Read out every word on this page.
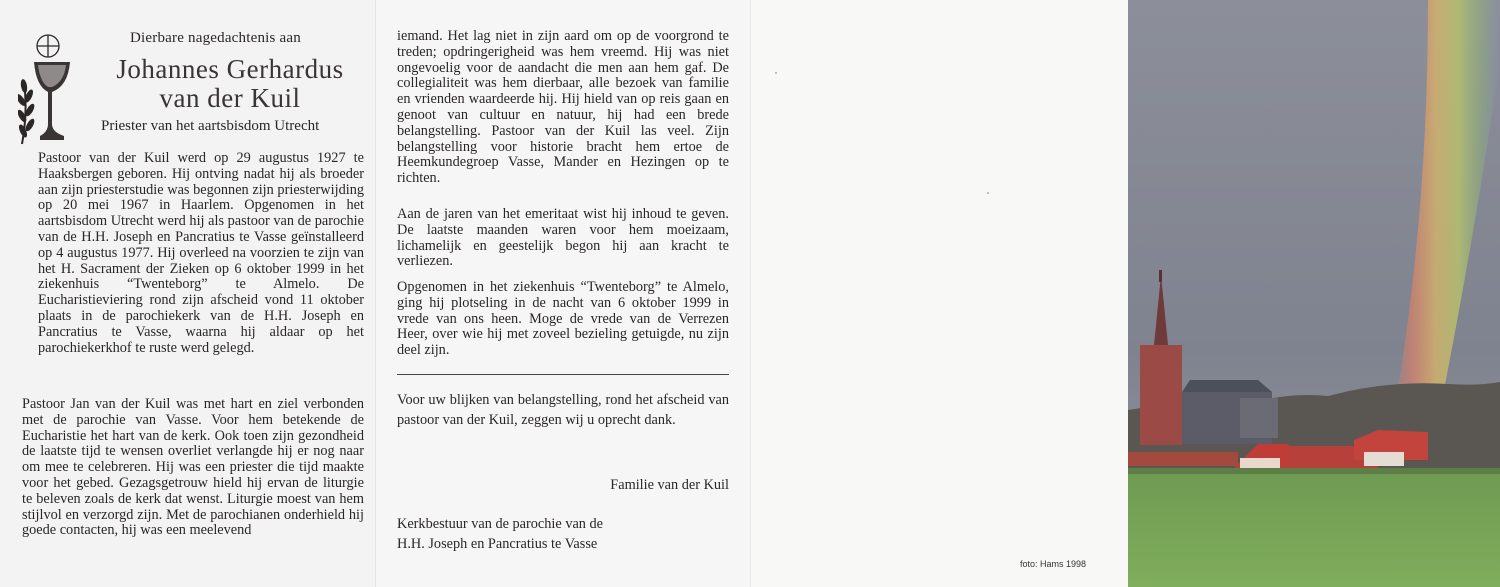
Dierbare nagedachtenis aan
Johannes Gerhardus
van der Kuil
Priester van het aartsbisdom Utrecht

Pastoor van der Kuil werd op 29 augustus 1927 te Haaksbergen geboren. Hij ontving nadat hij als broeder aan zijn priesterstudie was begonnen zijn priesterwijding op 20 mei 1967 in Haarlem. Opgenomen in het aartsbisdom Utrecht werd hij als pastoor van de parochie van de H.H. Joseph en Pancratius te Vasse geïnstalleerd op 4 augustus 1977. Hij overleed na voorzien te zijn van het H. Sacrament der Zieken op 6 oktober 1999 in het ziekenhuis “Twenteborg” te Almelo. De Eucharistieviering rond zijn afscheid vond 11 oktober plaats in de parochiekerk van de H.H. Joseph en Pancratius te Vasse, waarna hij aldaar op het parochiekerkhof te ruste werd gelegd.

Pastoor Jan van der Kuil was met hart en ziel verbonden met de parochie van Vasse. Voor hem betekende de Eucharistie het hart van de kerk. Ook toen zijn gezondheid de laatste tijd te wensen overliet verlangde hij er nog naar om mee te celebreren. Hij was een priester die tijd maakte voor het gebed. Gezagsgetrouw hield hij ervan de liturgie te beleven zoals de kerk dat wenst. Liturgie moest van hem stijlvol en verzorgd zijn. Met de parochianen onderhield hij goede contacten, hij was een meelevend

iemand. Het lag niet in zijn aard om op de voorgrond te treden; opdringerigheid was hem vreemd. Hij was niet ongevoelig voor de aandacht die men aan hem gaf. De collegialiteit was hem dierbaar, alle bezoek van familie en vrienden waardeerde hij. Hij hield van op reis gaan en genoot van cultuur en natuur, hij had een brede belangstelling. Pastoor van der Kuil las veel. Zijn belangstelling voor historie bracht hem ertoe de Heemkundegroep Vasse, Mander en Hezingen op te richten.

Aan de jaren van het emeritaat wist hij inhoud te geven. De laatste maanden waren voor hem moeizaam, lichamelijk en geestelijk begon hij aan kracht te verliezen.

Opgenomen in het ziekenhuis “Twenteborg” te Almelo, ging hij plotseling in de nacht van 6 oktober 1999 in vrede van ons heen. Moge de vrede van de Verrezen Heer, over wie hij met zoveel bezieling getuigde, nu zijn deel zijn.

Voor uw blijken van belangstelling, rond het afscheid van pastoor van der Kuil, zeggen wij u oprecht dank.

Familie van der Kuil
Kerkbestuur van de parochie van de
H.H. Joseph en Pancratius te Vasse
foto: Hams 1998
